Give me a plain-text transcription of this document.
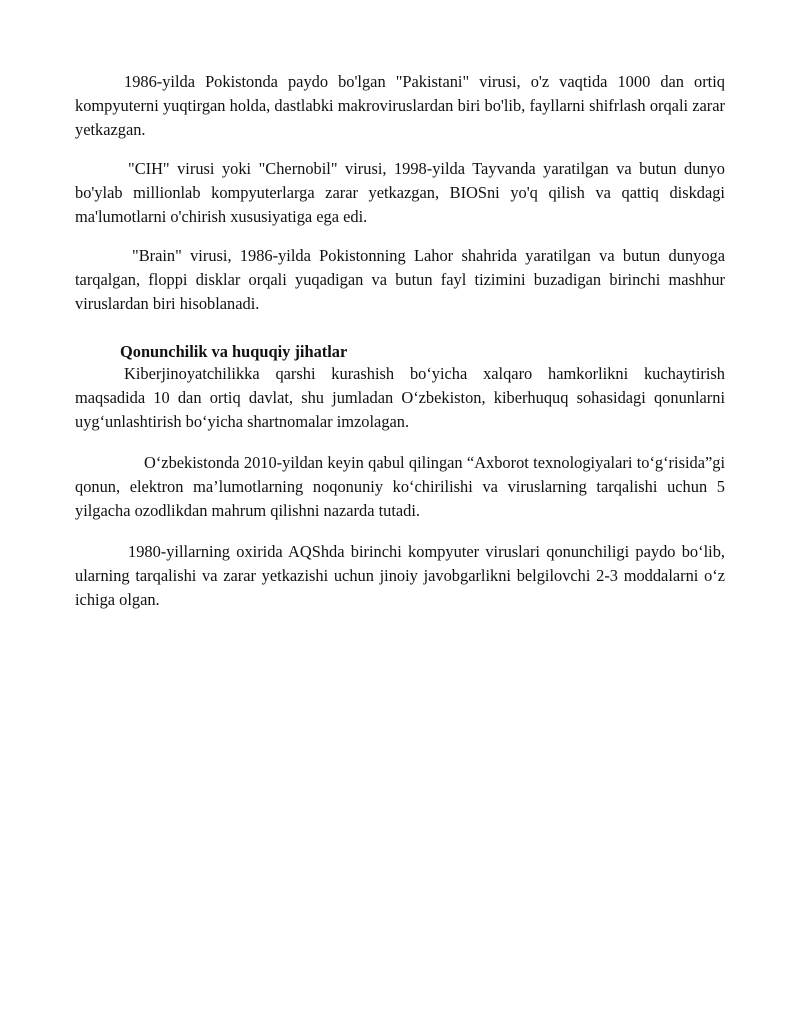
1986-yilda Pokistonda paydo bo'lgan "Pakistani" virusi, o'z vaqtida 1000 dan ortiq kompyuterni yuqtirgan holda, dastlabki makroviruslardan biri bo'lib, fayllarni shifrlash orqali zarar yetkazgan.

"CIH" virusi yoki "Chernobil" virusi, 1998-yilda Tayvanda yaratilgan va butun dunyo bo'ylab millionlab kompyuterlarga zarar yetkazgan, BIOSni yo'q qilish va qattiq diskdagi ma'lumotlarni o'chirish xususiyatiga ega edi.

"Brain" virusi, 1986-yilda Pokistonning Lahor shahrida yaratilgan va butun dunyoga tarqalgan, floppi disklar orqali yuqadigan va butun fayl tizimini buzadigan birinchi mashhur viruslardan biri hisoblanadi.

Qonunchilik va huquqiy jihatlar

Kiberjinoyatchilikka qarshi kurashish bo‘yicha xalqaro hamkorlikni kuchaytirish maqsadida 10 dan ortiq davlat, shu jumladan O‘zbekiston, kiberhuquq sohasidagi qonunlarni uyg‘unlashtirish bo‘yicha shartnomalar imzolagan.

O‘zbekistonda 2010-yildan keyin qabul qilingan “Axborot texnologiyalari to‘g‘risida”gi qonun, elektron ma’lumotlarning noqonuniy ko‘chirilishi va viruslarning tarqalishi uchun 5 yilgacha ozodlikdan mahrum qilishni nazarda tutadi.

1980-yillarning oxirida AQShda birinchi kompyuter viruslari qonunchiligi paydo bo‘lib, ularning tarqalishi va zarar yetkazishi uchun jinoiy javobgarlikni belgilovchi 2-3 moddalarni o‘z ichiga olgan.
